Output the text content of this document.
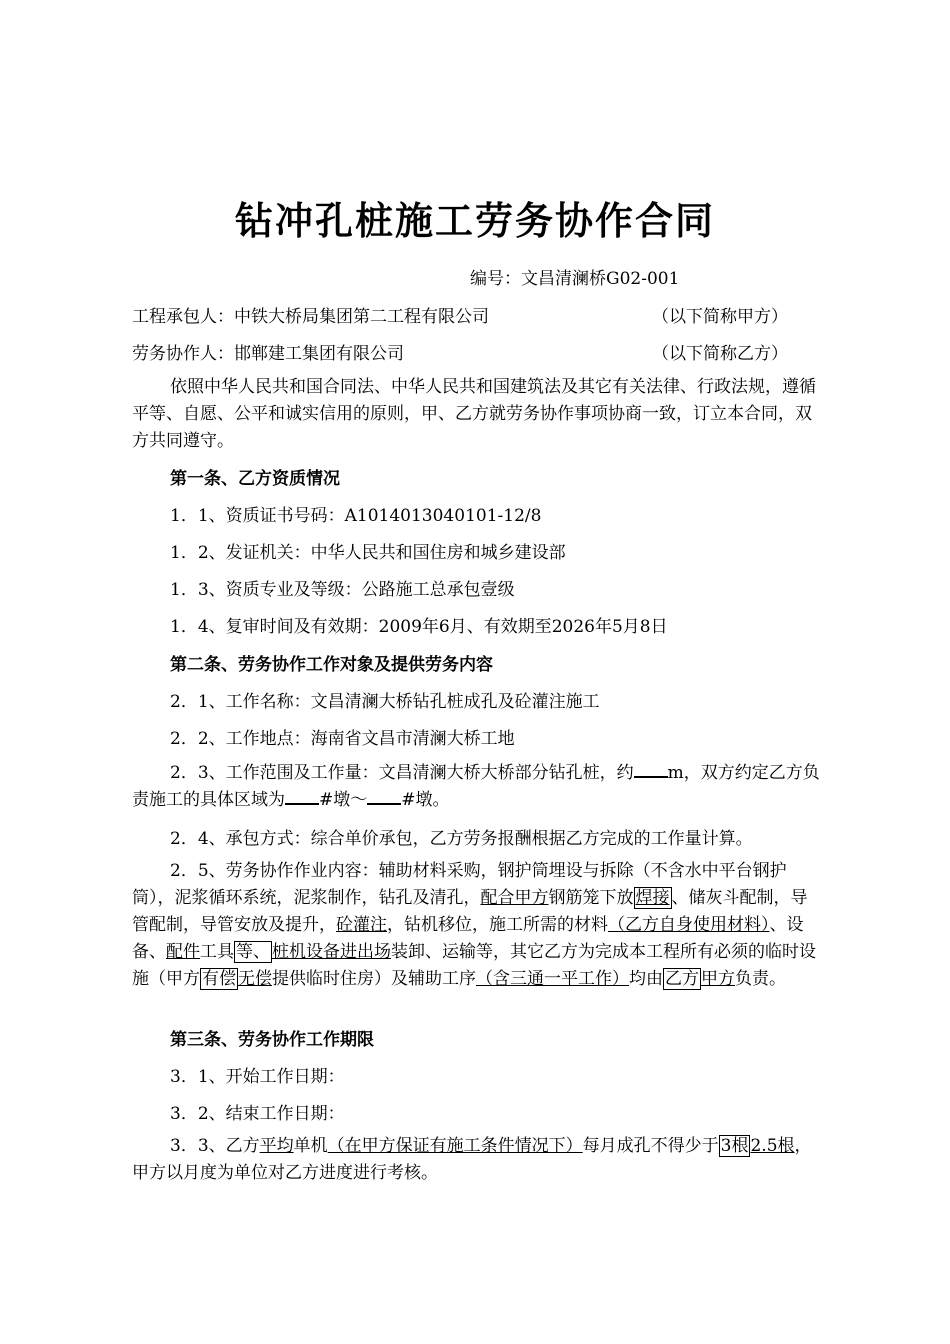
钻冲孔桩施工劳务协作合同
编号：文昌清澜桥G02-001
工程承包人：中铁大桥局集团第二工程有限公司	（以下简称甲方）
劳务协作人：邯郸建工集团有限公司	（以下简称乙方）
依照中华人民共和国合同法、中华人民共和国建筑法及其它有关法律、行政法规，遵循平等、自愿、公平和诚实信用的原则，甲、乙方就劳务协作事项协商一致，订立本合同，双方共同遵守。
第一条、乙方资质情况
1．1、资质证书号码：A1014013040101-12/8
1．2、发证机关：中华人民共和国住房和城乡建设部
1．3、资质专业及等级：公路施工总承包壹级
1．4、复审时间及有效期：2009年6月、有效期至2026年5月8日
第二条、劳务协作工作对象及提供劳务内容
2．1、工作名称：文昌清澜大桥钻孔桩成孔及砼灌注施工
2．2、工作地点：海南省文昌市清澜大桥工地
2．3、工作范围及工作量：文昌清澜大桥大桥部分钻孔桩，约 m，双方约定乙方负责施工的具体区域为 #墩～ #墩。
2．4、承包方式：综合单价承包，乙方劳务报酬根据乙方完成的工作量计算。
2．5、劳务协作作业内容：辅助材料采购，钢护筒埋设与拆除（不含水中平台钢护筒），泥浆循环系统，泥浆制作，钻孔及清孔，配合甲方钢筋笼下放 焊接 、储灰斗配制，导管配制，导管安放及提升，砼灌注，钻机移位，施工所需的材料（乙方自身使用材料）、设备、配件工具 等、 桩机设备进出场装卸、运输等，其它乙方为完成本工程所有必须的临时设施（甲方 有偿 无偿提供临时住房）及辅助工序（含三通一平工作）均由 乙方 甲方负责。
第三条、劳务协作工作期限
3．1、开始工作日期：
3．2、结束工作日期：
3．3、乙方平均单机（在甲方保证有施工条件情况下）每月成孔不得少于 3根 2.5根，甲方以月度为单位对乙方进度进行考核。
